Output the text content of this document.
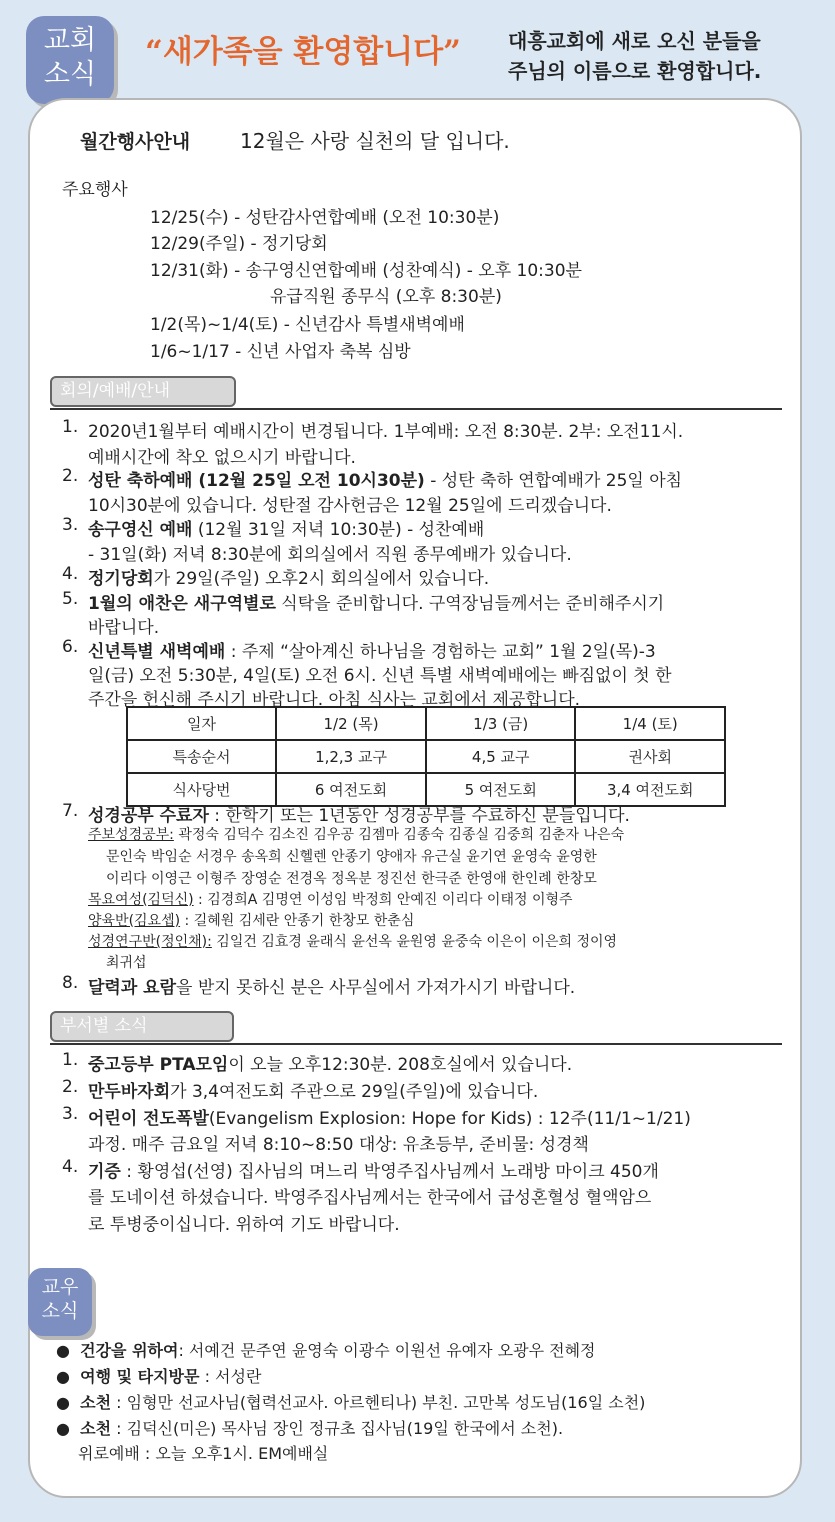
교회
소식
“새가족을 환영합니다” 대흥교회에 새로 오신 분들을
주님의 이름으로 환영합니다.
월간행사안내 12월은 사랑 실천의 달 입니다.
주요행사
12/25(수) - 성탄감사연합예배 (오전 10:30분)
12/29(주일) - 정기당회
12/31(화) - 송구영신연합예배 (성찬예식) - 오후 10:30분
유급직원 종무식 (오후 8:30분)
1/2(목)~1/4(토) - 신년감사 특별새벽예배
1/6~1/17 - 신년 사업자 축복 심방
회의/예배/안내
1. 2020년1월부터 예배시간이 변경됩니다. 1부예배: 오전 8:30분. 2부: 오전11시.
예배시간에 착오 없으시기 바랍니다.
2. 성탄 축하예배 (12월 25일 오전 10시30분) - 성탄 축하 연합예배가 25일 아침
10시30분에 있습니다. 성탄절 감사헌금은 12월 25일에 드리겠습니다.
3. 송구영신 예배 (12월 31일 저녁 10:30분) - 성찬예배
- 31일(화) 저녁 8:30분에 회의실에서 직원 종무예배가 있습니다.
4. 정기당회가 29일(주일) 오후2시 회의실에서 있습니다.
5. 1월의 애찬은 새구역별로 식탁을 준비합니다. 구역장님들께서는 준비해주시기
바랍니다.
6. 신년특별 새벽예배 : 주제 “살아계신 하나님을 경험하는 교회” 1월 2일(목)-3
일(금) 오전 5:30분, 4일(토) 오전 6시. 신년 특별 새벽예배에는 빠짐없이 첫 한
주간을 헌신해 주시기 바랍니다. 아침 식사는 교회에서 제공합니다.
일자	1/2 (목)	1/3 (금)	1/4 (토)
특송순서	1,2,3 교구	4,5 교구	권사회
식사당번	6 여전도회	5 여전도회	3,4 여전도회
7. 성경공부 수료자 : 한학기 또는 1년동안 성경공부를 수료하신 분들입니다.
주보성경공부: 곽정숙 김덕수 김소진 김우공 김젬마 김종숙 김종실 김중희 김춘자 나은숙
문인숙 박임순 서경우 송옥희 신헬렌 안종기 양애자 유근실 윤기연 윤영숙 윤영한
이리다 이영근 이형주 장영순 전경옥 정옥분 정진선 한극준 한영애 한인례 한창모
목요여성(김덕신) : 김경희A 김명연 이성임 박정희 안예진 이리다 이태정 이형주
양육반(김요셉) : 길혜원 김세란 안종기 한창모 한춘심
성경연구반(정인채): 김일건 김효경 윤래식 윤선옥 윤원영 윤중숙 이은이 이은희 정이영
최귀섭
8. 달력과 요람을 받지 못하신 분은 사무실에서 가져가시기 바랍니다.
부서별 소식
1. 중고등부 PTA모임이 오늘 오후12:30분. 208호실에서 있습니다.
2. 만두바자회가 3,4여전도회 주관으로 29일(주일)에 있습니다.
3. 어린이 전도폭발(Evangelism Explosion: Hope for Kids) : 12주(11/1~1/21)
과정. 매주 금요일 저녁 8:10~8:50 대상: 유초등부, 준비물: 성경책
4. 기증 : 황영섭(선영) 집사님의 며느리 박영주집사님께서 노래방 마이크 450개
를 도네이션 하셨습니다. 박영주집사님께서는 한국에서 급성혼혈성 혈액암으
로 투병중이십니다. 위하여 기도 바랍니다.
교우
소식
●  건강을 위하여: 서예건 문주연 윤영숙 이광수 이원선 유예자 오광우 전혜정
●  여행 및 타지방문 : 서성란
●  소천 : 임형만 선교사님(협력선교사. 아르헨티나) 부친. 고만복 성도님(16일 소천)
●  소천 : 김덕신(미은) 목사님 장인 정규초 집사님(19일 한국에서 소천).
위로예배 : 오늘 오후1시. EM예배실
